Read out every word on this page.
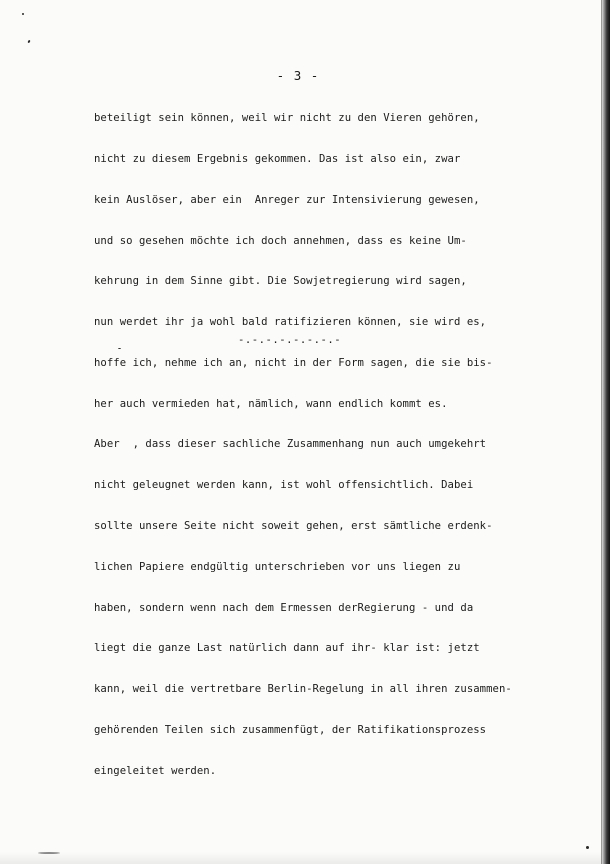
- 3 -

beteiligt sein können, weil wir nicht zu den Vieren gehören,

nicht zu diesem Ergebnis gekommen. Das ist also ein, zwar

kein Auslöser, aber ein  Anreger zur Intensivierung gewesen,

und so gesehen möchte ich doch annehmen, dass es keine Um-

kehrung in dem Sinne gibt. Die Sowjetregierung wird sagen,

nun werdet ihr ja wohl bald ratifizieren können, sie wird es,

hoffe ich, nehme ich an, nicht in der Form sagen, die sie bis-

her auch vermieden hat, nämlich, wann endlich kommt es.

Aber  , dass dieser sachliche Zusammenhang nun auch umgekehrt

nicht geleugnet werden kann, ist wohl offensichtlich. Dabei

sollte unsere Seite nicht soweit gehen, erst sämtliche erdenk-

lichen Papiere endgültig unterschrieben vor uns liegen zu

haben, sondern wenn nach dem Ermessen derRegierung - und da

liegt die ganze Last natürlich dann auf ihr- klar ist: jetzt

kann, weil die vertretbare Berlin-Regelung in all ihren zusammen-

gehörenden Teilen sich zusammenfügt, der Ratifikationsprozess

eingeleitet werden.

-.-.-.-.-.-.-.-
